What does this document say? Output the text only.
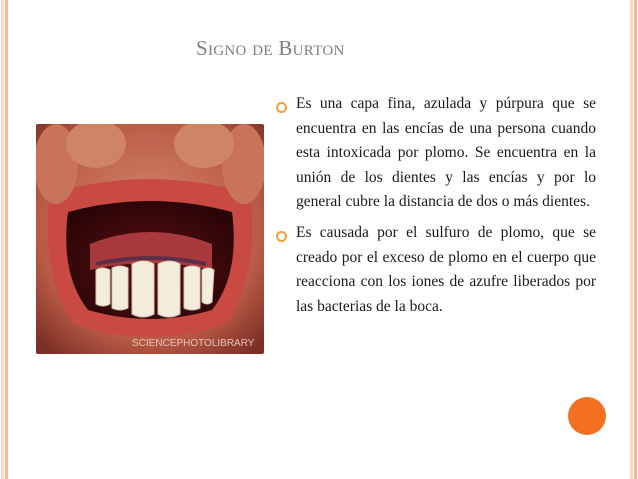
Signo de Burton
SCIENCEPHOTOLIBRARY
Es una capa fina, azulada y púrpura que se encuentra en las encías de una persona cuando esta intoxicada por plomo. Se encuentra en la unión de los dientes y las encías y por lo general cubre la distancia de dos o más dientes.
Es causada por el sulfuro de plomo, que se creado por el exceso de plomo en el cuerpo que reacciona con los iones de azufre liberados por las bacterias de la boca.
